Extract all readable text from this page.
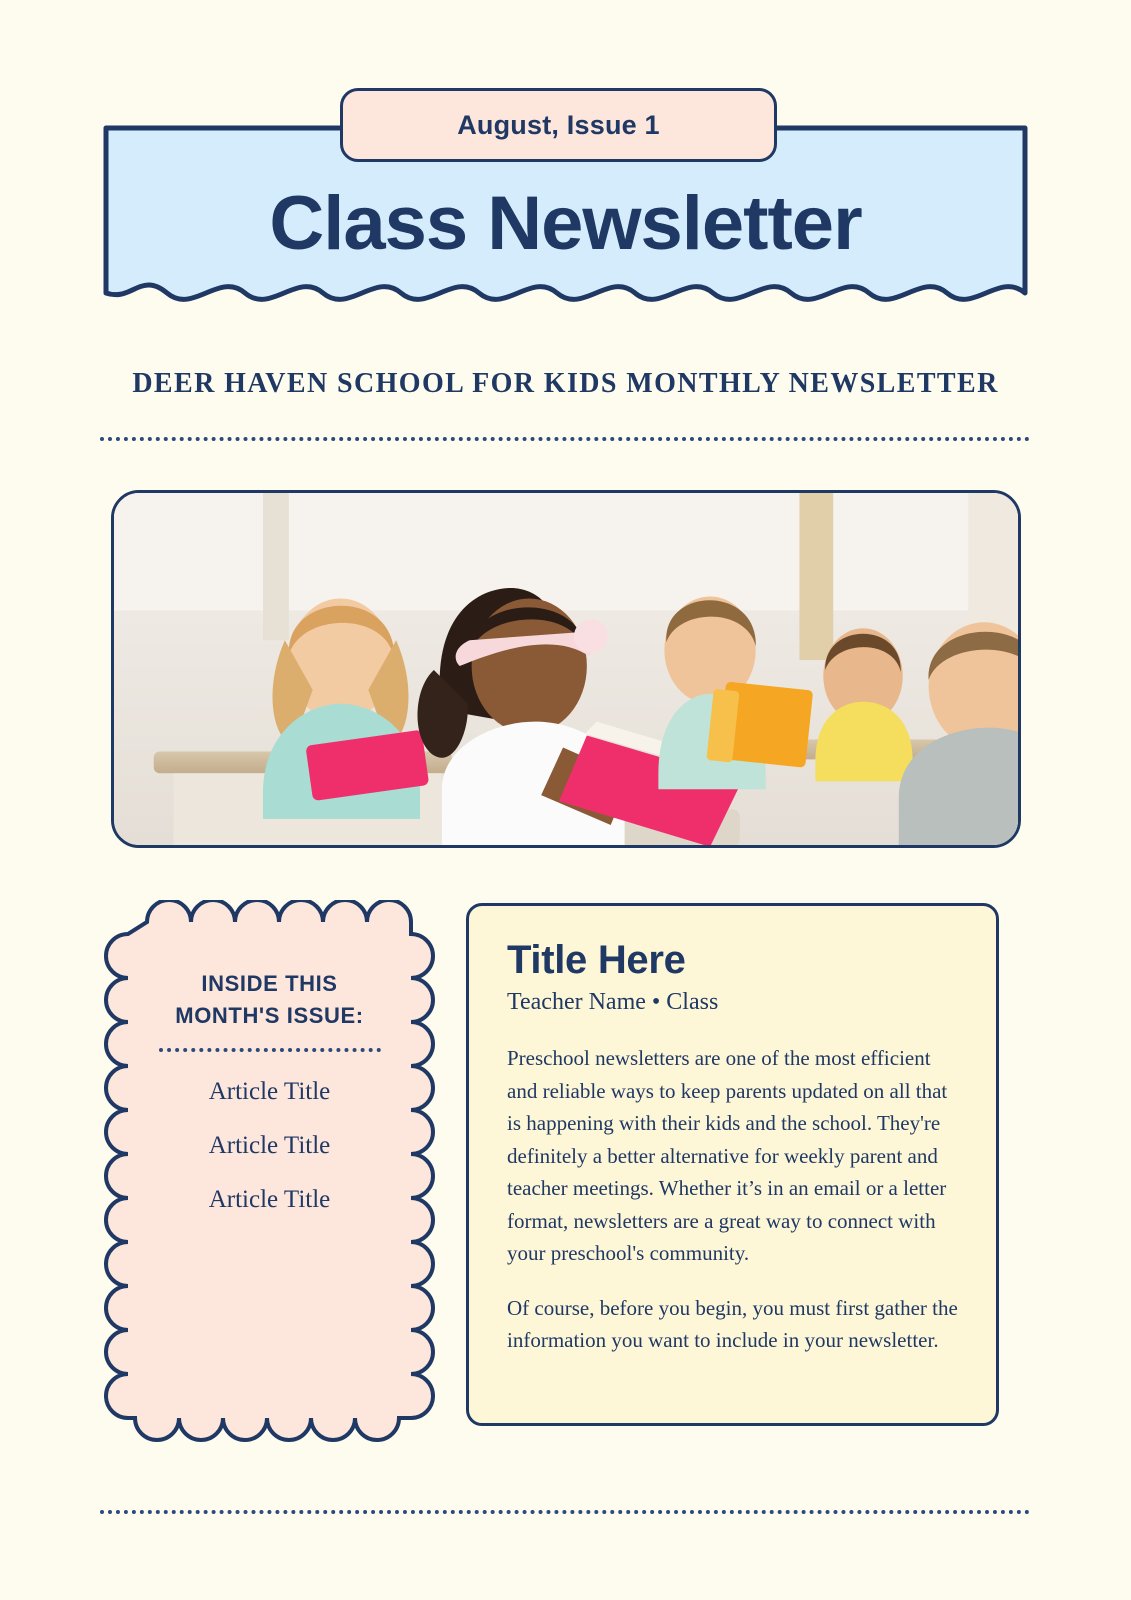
August, Issue 1
Class Newsletter
DEER HAVEN SCHOOL FOR KIDS MONTHLY NEWSLETTER
INSIDE THIS
MONTH'S ISSUE:
Article Title
Article Title
Article Title
Title Here

Teacher Name • Class

Preschool newsletters are one of the most efficient and reliable ways to keep parents updated on all that is happening with their kids and the school. They're definitely a better alternative for weekly parent and teacher meetings. Whether it’s in an email or a letter format, newsletters are a great way to connect with your preschool's community.

Of course, before you begin, you must first gather the information you want to include in your newsletter.
